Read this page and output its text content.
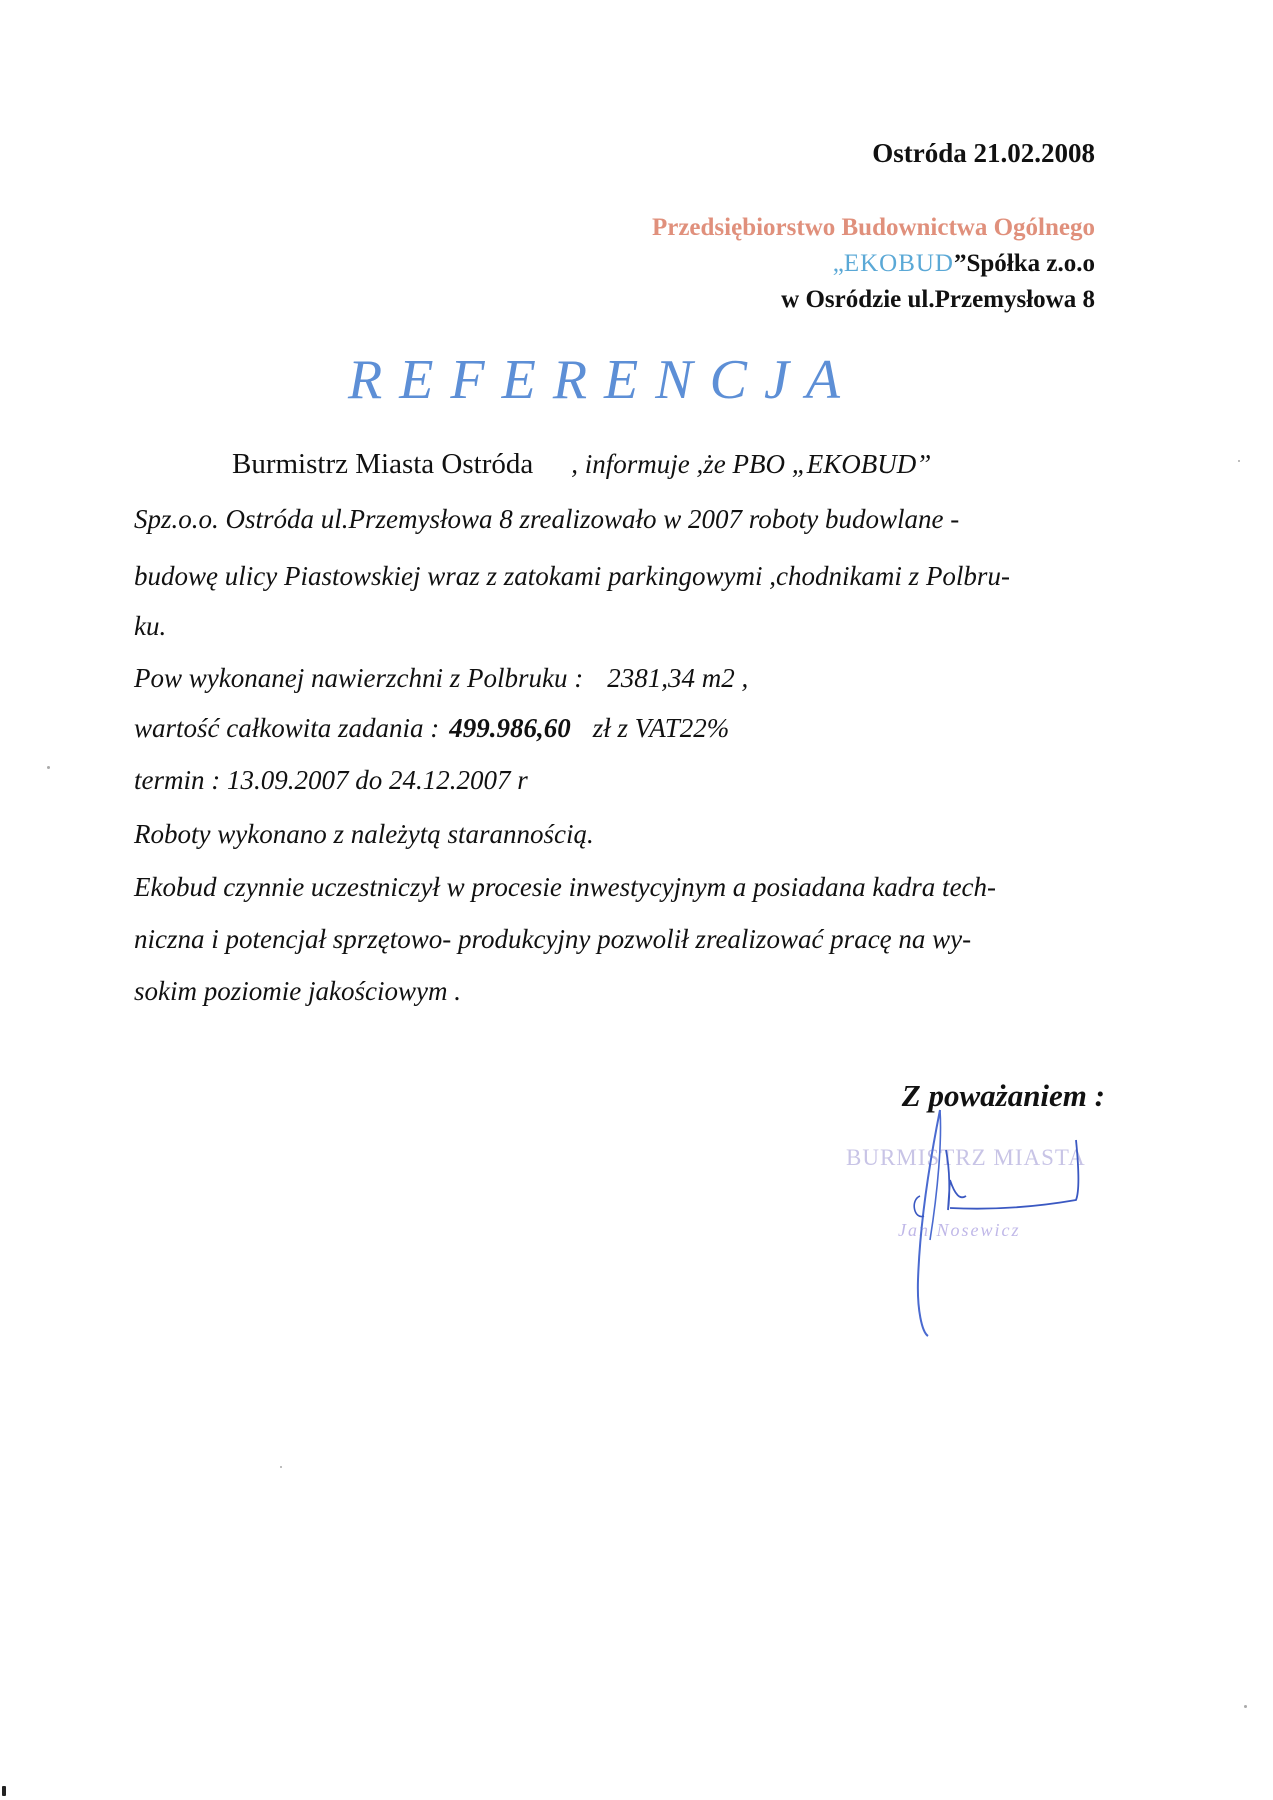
Ostróda 21.02.2008
Przedsiębiorstwo Budownictwa Ogólnego
„EKOBUD”Spółka z.o.o
w Osródzie ul.Przemysłowa 8
REFERENCJA
Burmistrz Miasta Ostróda , informuje ,że PBO „EKOBUD”
Spz.o.o. Ostróda ul.Przemysłowa 8 zrealizowało w 2007 roboty budowlane -
budowę ulicy Piastowskiej wraz z zatokami parkingowymi ,chodnikami z Polbru-
ku.
Pow wykonanej nawierzchni z Polbruku : 2381,34 m2 ,
wartość całkowita zadania : 499.986,60 zł z VAT22%
termin : 13.09.2007 do 24.12.2007 r
Roboty wykonano z należytą starannością.
Ekobud czynnie uczestniczył w procesie inwestycyjnym a posiadana kadra tech-
niczna i potencjał sprzętowo- produkcyjny pozwolił zrealizować pracę na wy-
sokim poziomie jakościowym .
Z poważaniem :
BURMISTRZ MIASTA
Jan Nosewicz
